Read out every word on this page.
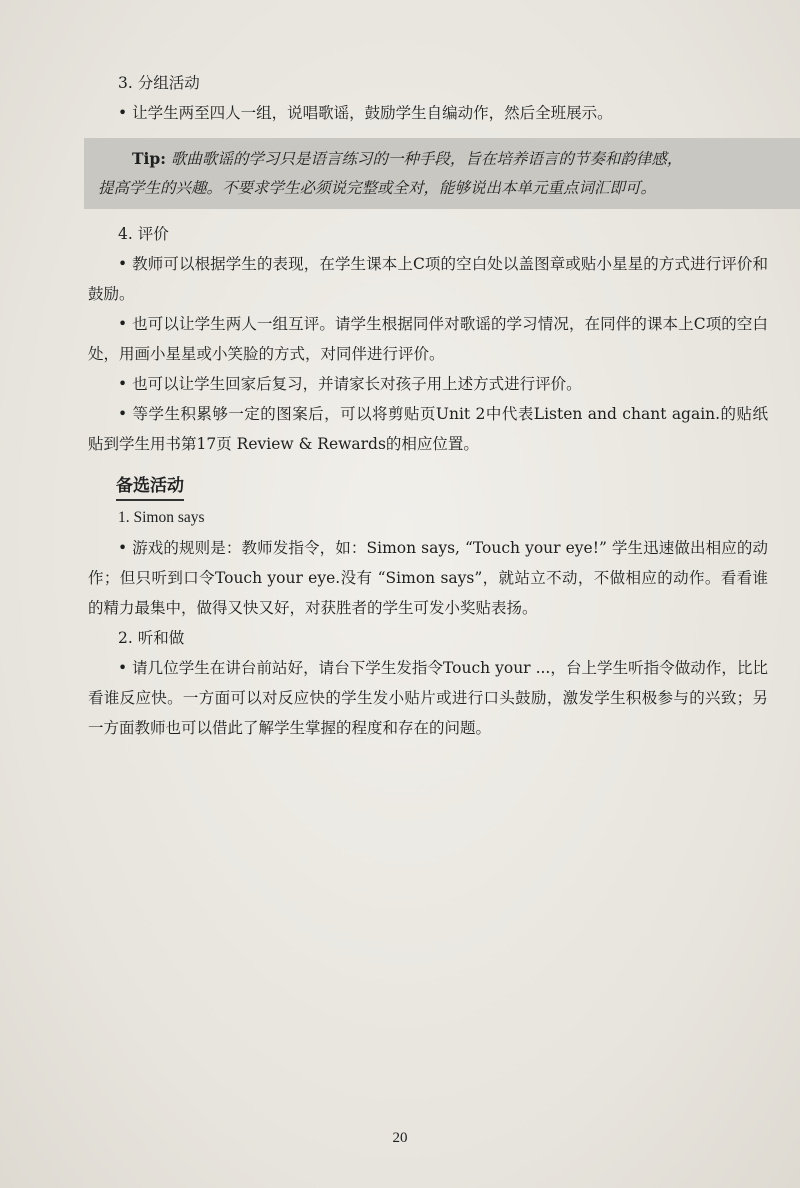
3. 分组活动

• 让学生两至四人一组，说唱歌谣，鼓励学生自编动作，然后全班展示。

Tip: 歌曲歌谣的学习只是语言练习的一种手段，旨在培养语言的节奏和韵律感，
提高学生的兴趣。不要求学生必须说完整或全对，能够说出本单元重点词汇即可。
4. 评价

• 教师可以根据学生的表现，在学生课本上C项的空白处以盖图章或贴小星星的方式进行评价和鼓励。

• 也可以让学生两人一组互评。请学生根据同伴对歌谣的学习情况，在同伴的课本上C项的空白处，用画小星星或小笑脸的方式，对同伴进行评价。

• 也可以让学生回家后复习，并请家长对孩子用上述方式进行评价。

• 等学生积累够一定的图案后，可以将剪贴页Unit 2中代表Listen and chant again.的贴纸贴到学生用书第17页 Review & Rewards的相应位置。

备选活动
1. Simon says

• 游戏的规则是：教师发指令，如：Simon says, “Touch your eye!” 学生迅速做出相应的动作；但只听到口令Touch your eye.没有 “Simon says”，就站立不动，不做相应的动作。看看谁的精力最集中，做得又快又好，对获胜者的学生可发小奖贴表扬。

2. 听和做

• 请几位学生在讲台前站好，请台下学生发指令Touch your ...，台上学生听指令做动作，比比看谁反应快。一方面可以对反应快的学生发小贴片或进行口头鼓励，激发学生积极参与的兴致；另一方面教师也可以借此了解学生掌握的程度和存在的问题。

20
